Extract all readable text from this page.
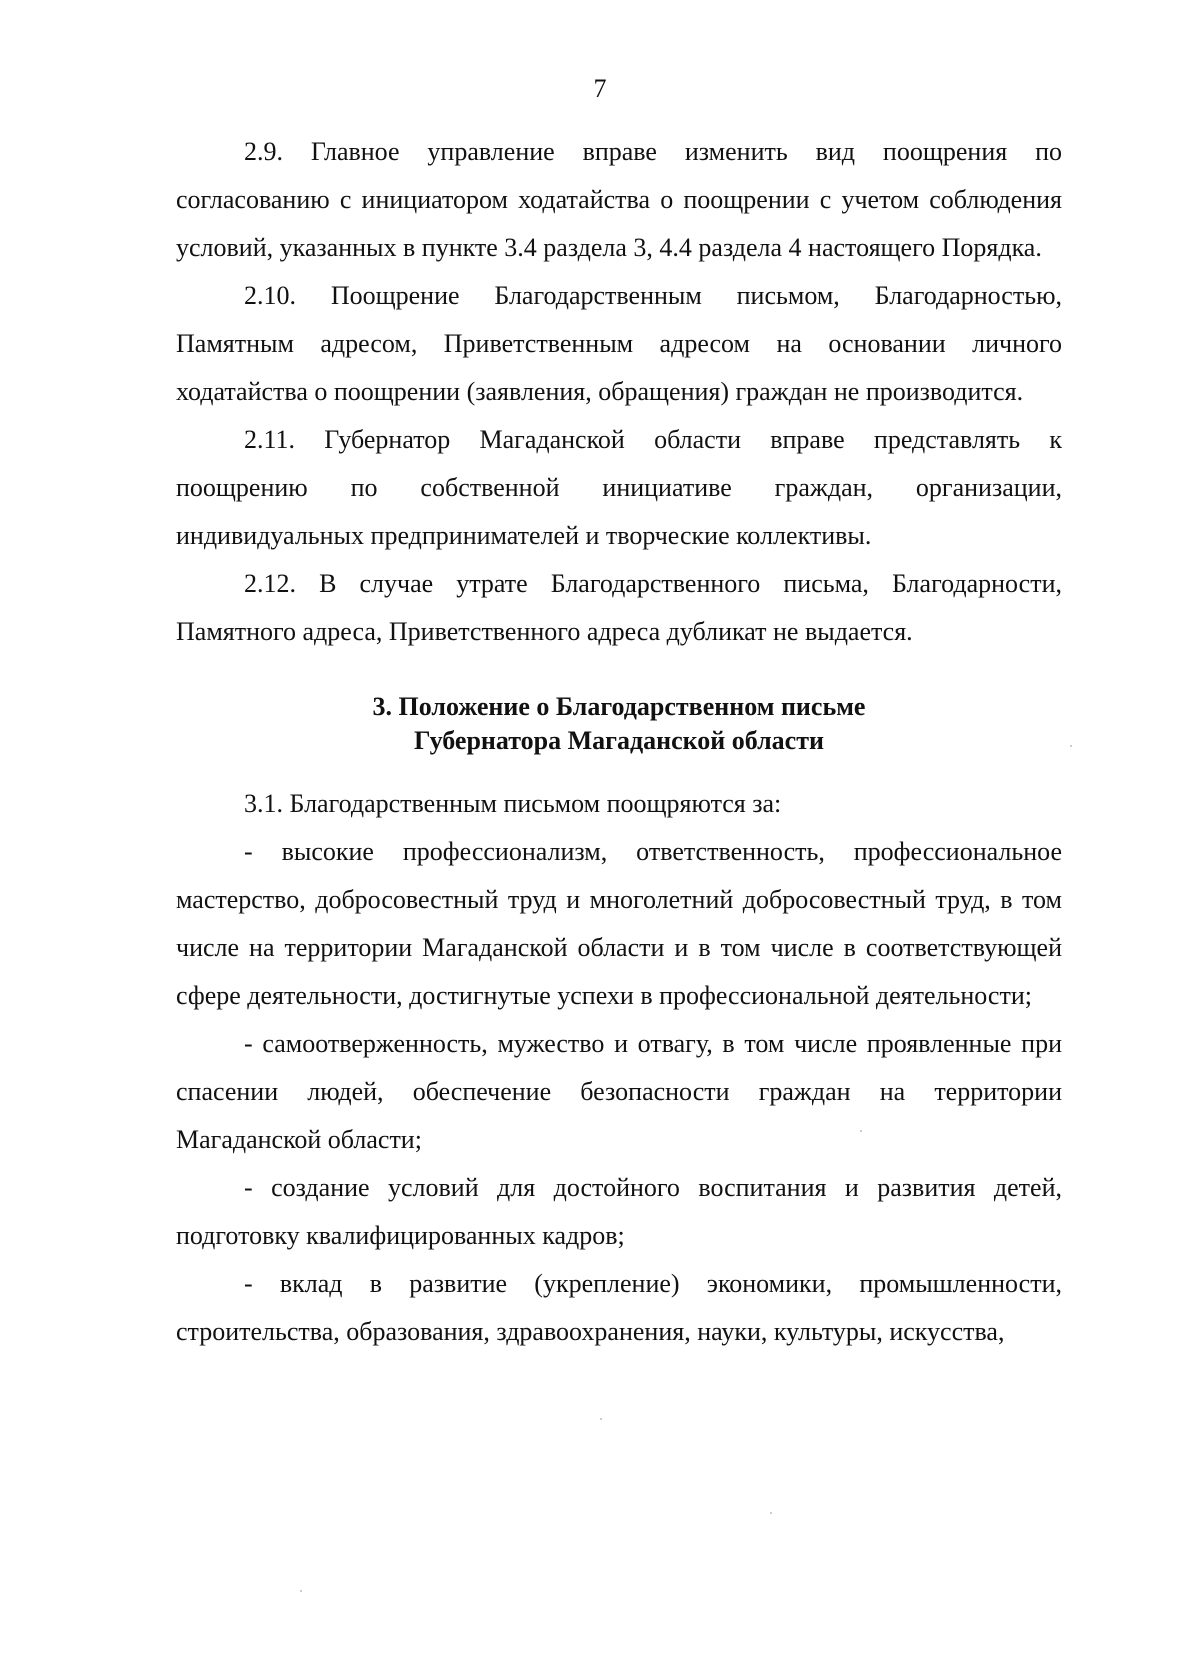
7

2.9. Главное управление вправе изменить вид поощрения по согласованию с инициатором ходатайства о поощрении с учетом соблюдения условий, указанных в пункте 3.4 раздела 3, 4.4 раздела 4 настоящего Порядка.

2.10. Поощрение Благодарственным письмом, Благодарностью, Памятным адресом, Приветственным адресом на основании личного ходатайства о поощрении (заявления, обращения) граждан не производится.

2.11. Губернатор Магаданской области вправе представлять к поощрению по собственной инициативе граждан, организации, индивидуальных предпринимателей и творческие коллективы.

2.12. В случае утрате Благодарственного письма, Благодарности, Памятного адреса, Приветственного адреса дубликат не выдается.

3. Положение о Благодарственном письме
Губернатора Магаданской области

3.1. Благодарственным письмом поощряются за:

- высокие профессионализм, ответственность, профессиональное мастерство, добросовестный труд и многолетний добросовестный труд, в том числе на территории Магаданской области и в том числе в соответствующей сфере деятельности, достигнутые успехи в профессиональной деятельности;

- самоотверженность, мужество и отвагу, в том числе проявленные при спасении людей, обеспечение безопасности граждан на территории Магаданской области;

- создание условий для достойного воспитания и развития детей, подготовку квалифицированных кадров;

- вклад в развитие (укрепление) экономики, промышленности, строительства, образования, здравоохранения, науки, культуры, искусства,
